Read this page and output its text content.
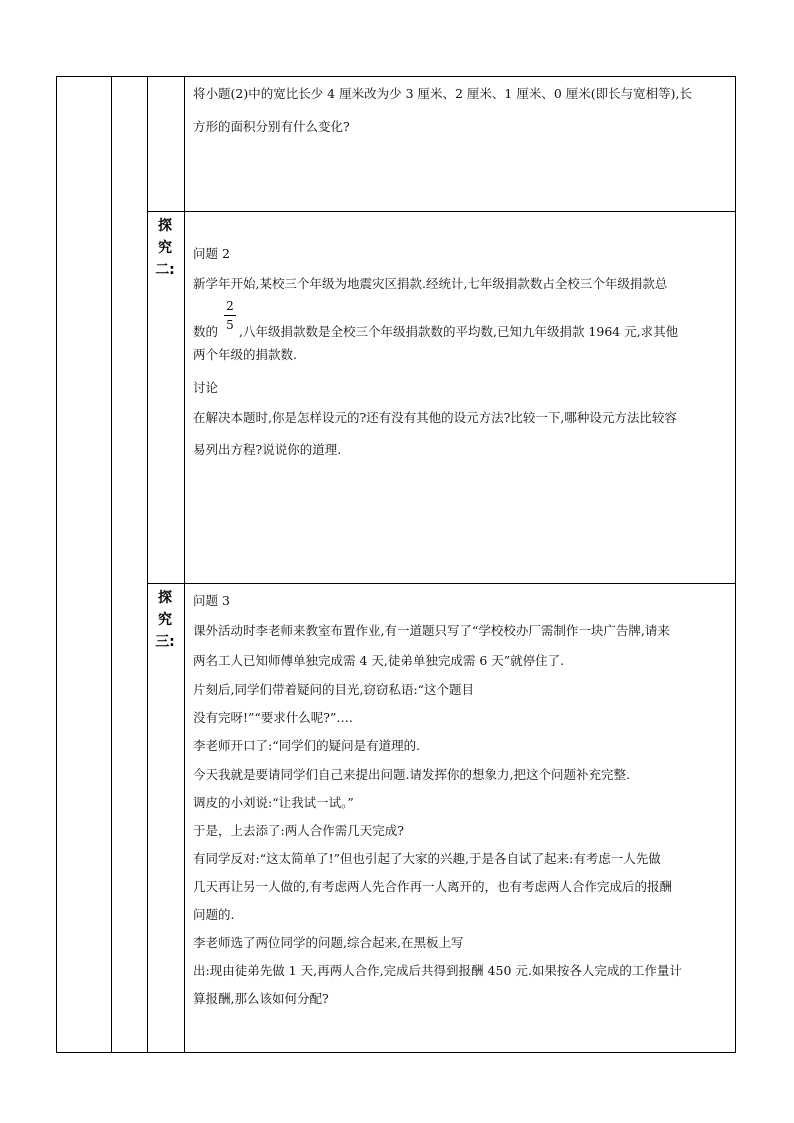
将小题(2)中的宽比长少 4 厘米改为少 3 厘米、2 厘米、1 厘米、0 厘米(即长与宽相等),长
方形的面积分别有什么变化?
探
究
二:
问题 2
新学年开始,某校三个年级为地震灾区捐款.经统计,七年级捐款数占全校三个年级捐款总
2
5
数的 ,八年级捐款数是全校三个年级捐款数的平均数,已知九年级捐款 1964 元,求其他
两个年级的捐款数.
讨论
在解决本题时,你是怎样设元的?还有没有其他的设元方法?比较一下,哪种设元方法比较容
易列出方程?说说你的道理.
探
究
三:
问题 3
课外活动时李老师来教室布置作业,有一道题只写了“学校校办厂需制作一块广告牌,请来
两名工人已知师傅单独完成需 4 天,徒弟单独完成需 6 天”就停住了.
片刻后,同学们带着疑问的目光,窃窃私语:“这个题目
没有完呀!”“要求什么呢?”….
李老师开口了:“同学们的疑问是有道理的.
今天我就是要请同学们自己来提出问题.请发挥你的想象力,把这个问题补充完整.
调皮的小刘说:“让我试一试。”
于是，上去添了:两人合作需几天完成?
有同学反对:“这太简单了!”但也引起了大家的兴趣,于是各自试了起来:有考虑一人先做
几天再让另一人做的,有考虑两人先合作再一人离开的，也有考虑两人合作完成后的报酬
问题的.
李老师选了两位同学的问题,综合起来,在黑板上写
出:现由徒弟先做 1 天,再两人合作,完成后共得到报酬 450 元.如果按各人完成的工作量计
算报酬,那么该如何分配?
